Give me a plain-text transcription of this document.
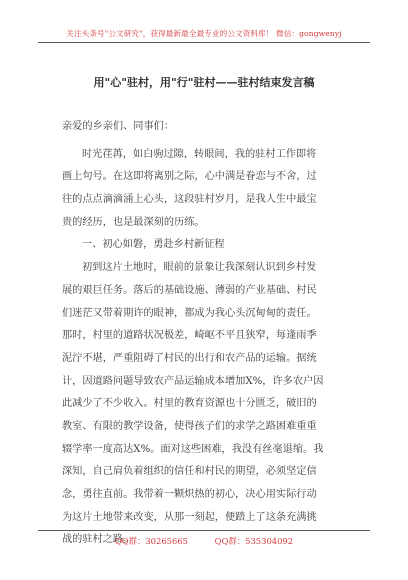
关注头条号"公文研究"，获得最新最全最专业的公文资料库！ 微信：gongwenyj
用"心"驻村，用"行"驻村——驻村结束发言稿
亲爱的乡亲们、同事们：
时光荏苒，如白驹过隙，转眼间，我的驻村工作即将
画上句号。在这即将离别之际，心中满是眷恋与不舍，过
往的点点滴滴涌上心头，这段驻村岁月，是我人生中最宝
贵的经历，也是最深刻的历练。
一、初心如磐，勇赴乡村新征程
初到这片土地时，眼前的景象让我深刻认识到乡村发
展的艰巨任务。落后的基础设施、薄弱的产业基础、村民
们迷茫又带着期许的眼神，都成为我心头沉甸甸的责任。
那时，村里的道路状况极差，崎岖不平且狭窄，每逢雨季
泥泞不堪，严重阻碍了村民的出行和农产品的运输。据统
计，因道路问题导致农产品运输成本增加X%，许多农户因
此减少了不少收入。村里的教育资源也十分匮乏，破旧的
教室、有限的教学设备，使得孩子们的求学之路困难重重
辍学率一度高达X%。面对这些困难，我没有丝毫退缩。我
深知，自己肩负着组织的信任和村民的期望，必须坚定信
念，勇往直前。我带着一颗炽热的初心，决心用实际行动
为这片土地带来改变，从那一刻起，便踏上了这条充满挑
战的驻村之路。
QQ群：30265665	QQ群：535304092
